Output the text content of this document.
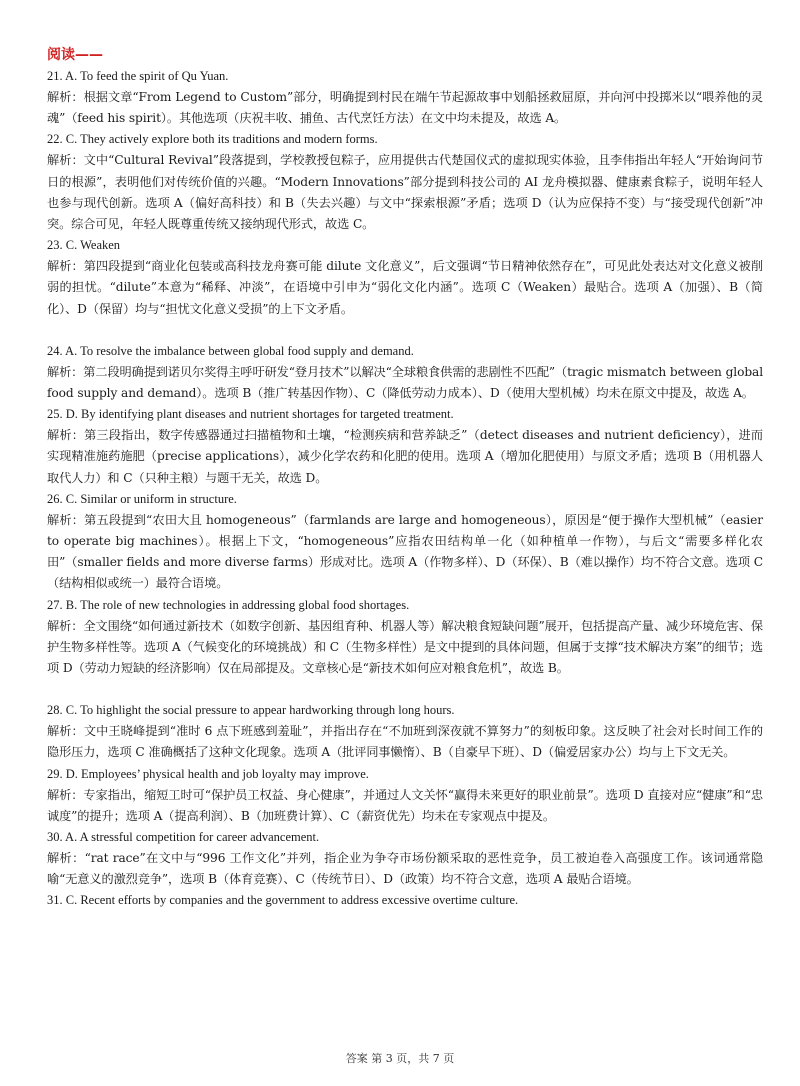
阅读——
21. A. To feed the spirit of Qu Yuan.
解析：根据文章“From Legend to Custom”部分，明确提到村民在端午节起源故事中划船拯救屈原，并向河中投掷米以“喂养他的灵魂”（feed his spirit）。其他选项（庆祝丰收、捕鱼、古代烹饪方法）在文中均未提及，故选 A。
22. C. They actively explore both its traditions and modern forms.
解析：文中“Cultural Revival”段落提到，学校教授包粽子，应用提供古代楚国仪式的虚拟现实体验，且李伟指出年轻人“开始询问节日的根源”，表明他们对传统价值的兴趣。“Modern Innovations”部分提到科技公司的 AI 龙舟模拟器、健康素食粽子，说明年轻人也参与现代创新。选项 A（偏好高科技）和 B（失去兴趣）与文中“探索根源”矛盾；选项 D（认为应保持不变）与“接受现代创新”冲突。综合可见，年轻人既尊重传统又接纳现代形式，故选 C。
23. C. Weaken
解析：第四段提到“商业化包装或高科技龙舟赛可能 dilute 文化意义”，后文强调“节日精神依然存在”，可见此处表达对文化意义被削弱的担忧。“dilute”本意为“稀释、冲淡”，在语境中引申为“弱化文化内涵”。选项 C（Weaken）最贴合。选项 A（加强）、B（简化）、D（保留）均与“担忧文化意义受损”的上下文矛盾。
24. A. To resolve the imbalance between global food supply and demand.
解析：第二段明确提到诺贝尔奖得主呼吁研发“登月技术”以解决“全球粮食供需的悲剧性不匹配”（tragic mismatch between global food supply and demand）。选项 B（推广转基因作物）、C（降低劳动力成本）、D（使用大型机械）均未在原文中提及，故选 A。
25. D. By identifying plant diseases and nutrient shortages for targeted treatment.
解析：第三段指出，数字传感器通过扫描植物和土壤，“检测疾病和营养缺乏”（detect diseases and nutrient deficiency），进而实现精准施药施肥（precise applications），减少化学农药和化肥的使用。选项 A（增加化肥使用）与原文矛盾；选项 B（用机器人取代人力）和 C（只种主粮）与题干无关，故选 D。
26. C. Similar or uniform in structure.
解析：第五段提到“农田大且 homogeneous”（farmlands are large and homogeneous），原因是“便于操作大型机械”（easier to operate big machines）。根据上下文，“homogeneous”应指农田结构单一化（如种植单一作物），与后文“需要多样化农田”（smaller fields and more diverse farms）形成对比。选项 A（作物多样）、D（环保）、B（难以操作）均不符合文意。选项 C（结构相似或统一）最符合语境。
27. B. The role of new technologies in addressing global food shortages.
解析：全文围绕“如何通过新技术（如数字创新、基因组育种、机器人等）解决粮食短缺问题”展开，包括提高产量、减少环境危害、保护生物多样性等。选项 A（气候变化的环境挑战）和 C（生物多样性）是文中提到的具体问题，但属于支撑“技术解决方案”的细节；选项 D（劳动力短缺的经济影响）仅在局部提及。文章核心是“新技术如何应对粮食危机”，故选 B。
28. C. To highlight the social pressure to appear hardworking through long hours.
解析：文中王晓峰提到“准时 6 点下班感到羞耻”，并指出存在“不加班到深夜就不算努力”的刻板印象。这反映了社会对长时间工作的隐形压力，选项 C 准确概括了这种文化现象。选项 A（批评同事懒惰）、B（自豪早下班）、D（偏爱居家办公）均与上下文无关。
29. D. Employees’ physical health and job loyalty may improve.
解析：专家指出，缩短工时可“保护员工权益、身心健康”，并通过人文关怀“赢得未来更好的职业前景”。选项 D 直接对应“健康”和“忠诚度”的提升；选项 A（提高利润）、B（加班费计算）、C（薪资优先）均未在专家观点中提及。
30. A. A stressful competition for career advancement.
解析：“rat race”在文中与“996 工作文化”并列，指企业为争夺市场份额采取的恶性竞争，员工被迫卷入高强度工作。该词通常隐喻“无意义的激烈竞争”，选项 B（体育竞赛）、C（传统节日）、D（政策）均不符合文意，选项 A 最贴合语境。
31. C. Recent efforts by companies and the government to address excessive overtime culture.
答案 第 3 页，共 7 页
